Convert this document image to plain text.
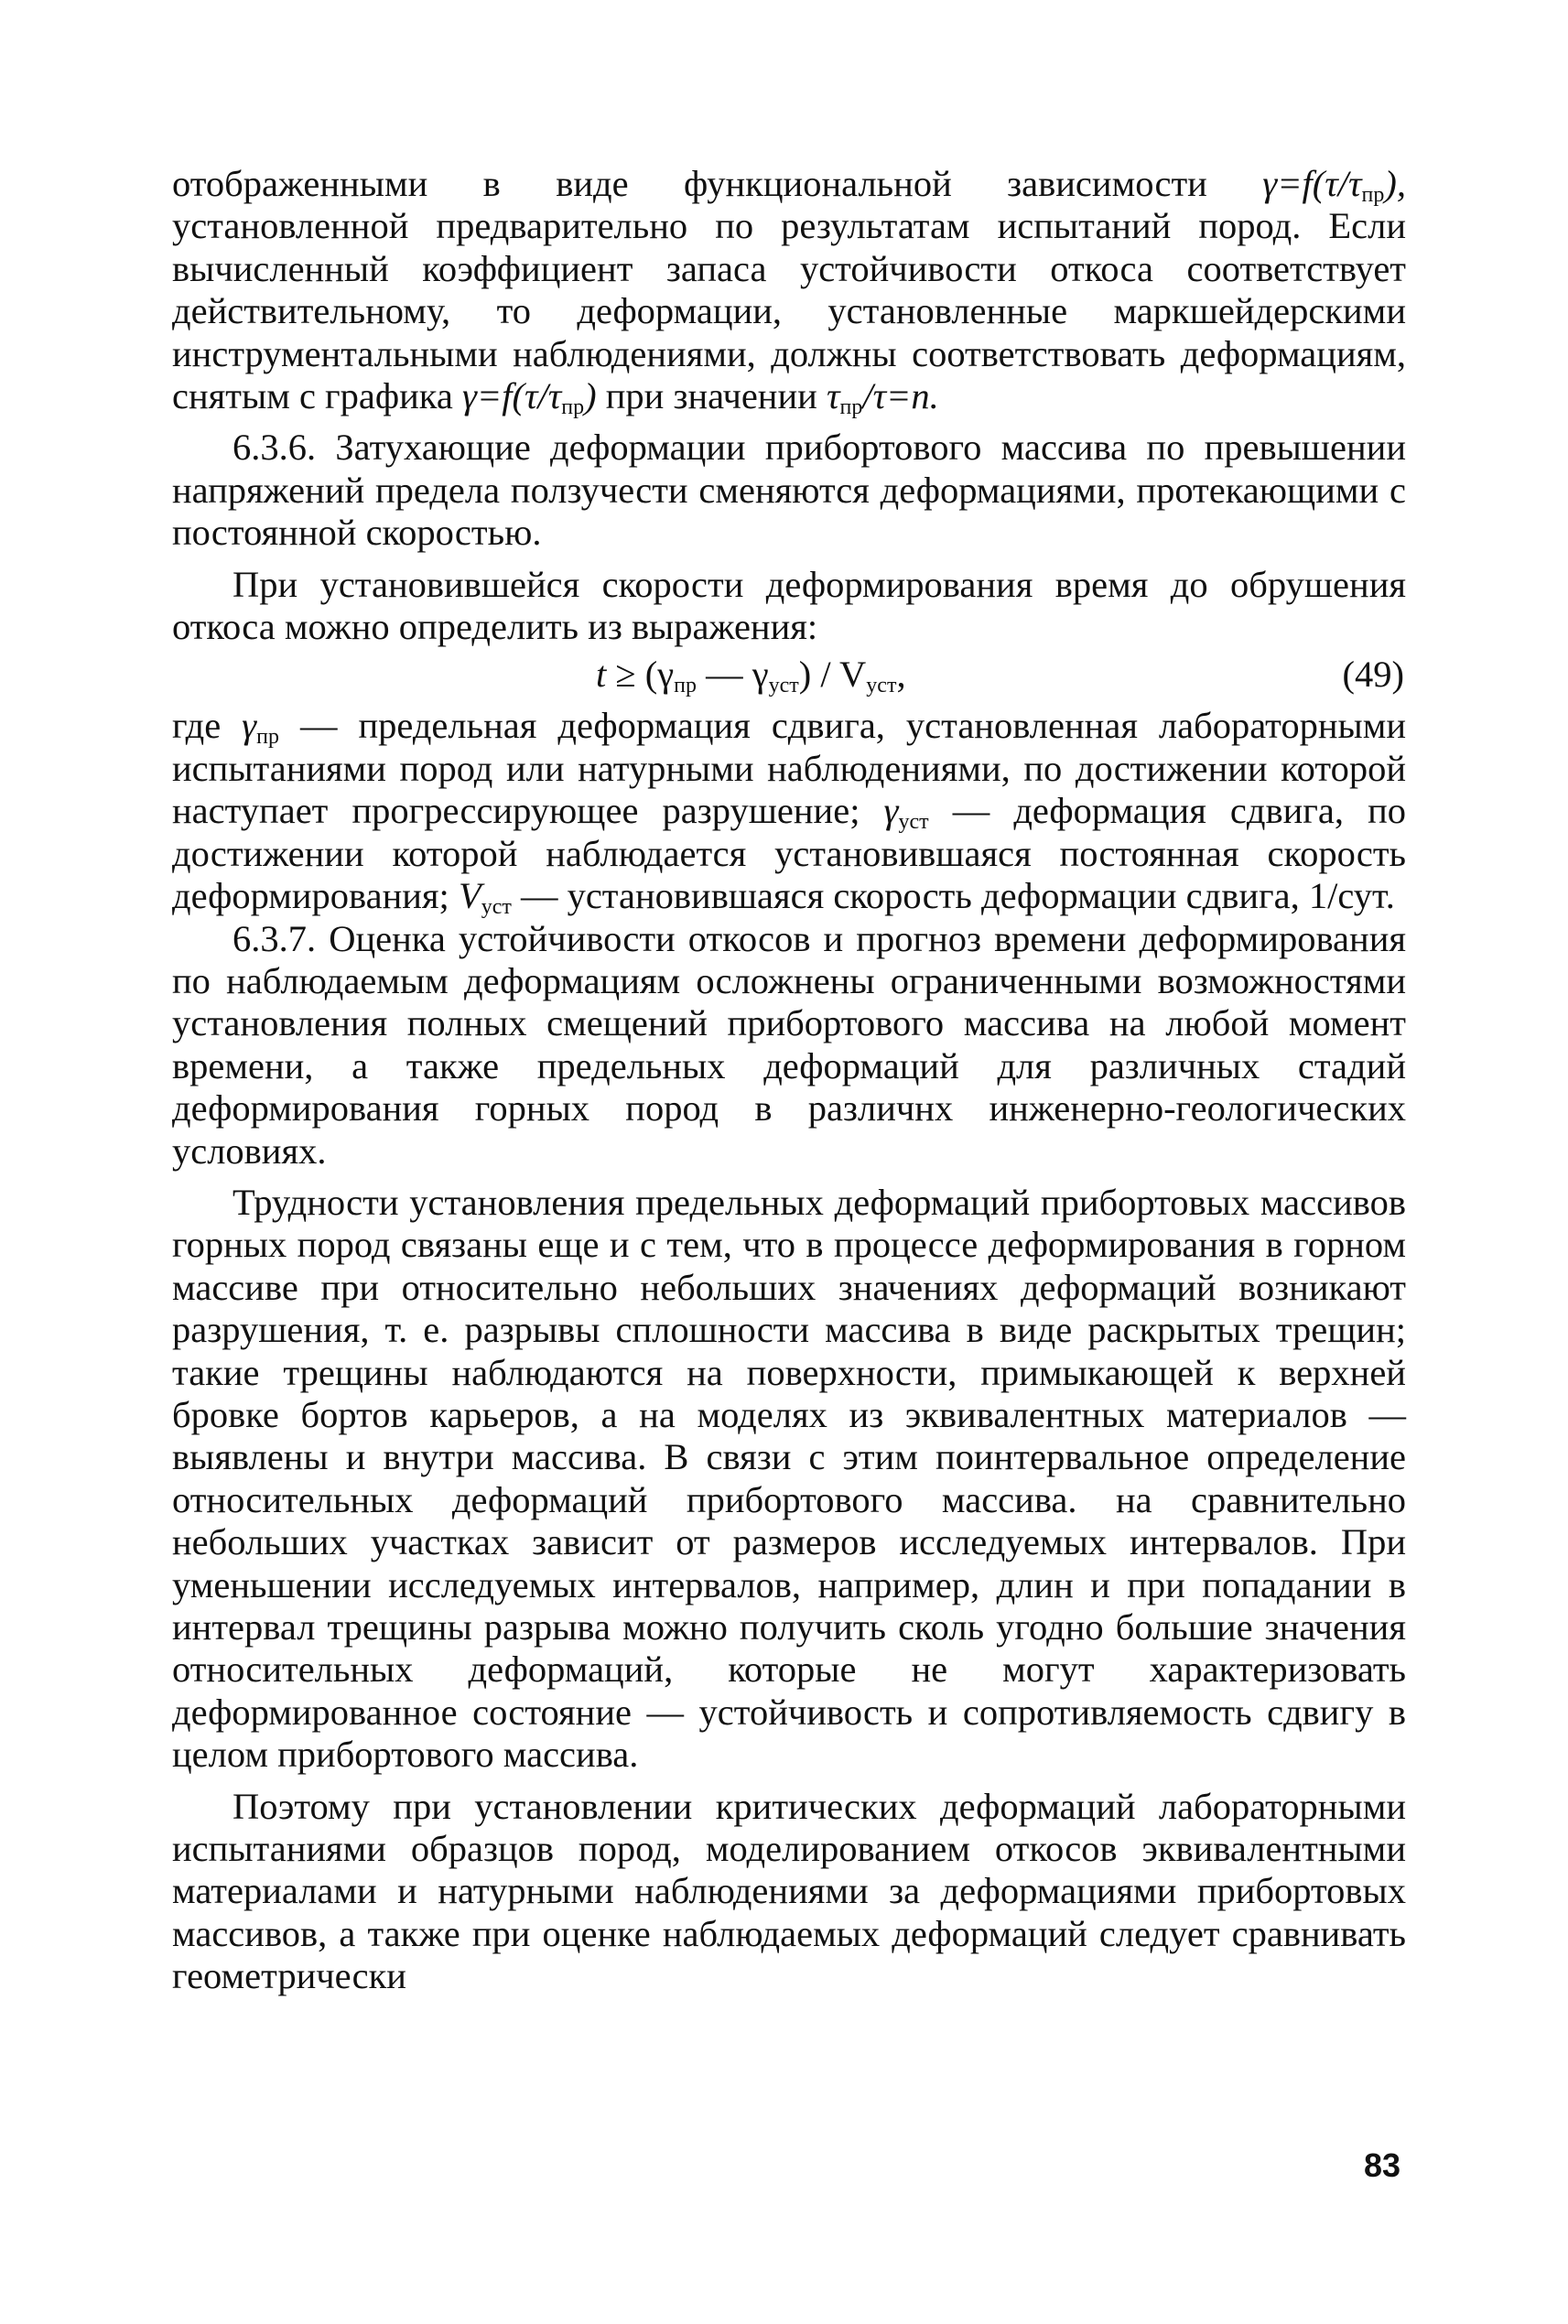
отображенными в виде функциональной зависимости $\gamma=f(\tau/\tau_{пр})$, установленной предварительно по результатам испытаний пород. Если вычисленный коэффициент запаса устойчивости откоса соответствует действительному, то деформации, установленные маркшейдерскими инструментальными наблюдениями, должны соответствовать деформациям, снятым с графика $\gamma=f(\tau/\tau_{пр})$ при значении $\tau_{пр}/\tau=n$.

6.3.6. Затухающие деформации прибортового массива по превышении напряжений предела ползучести сменяются деформациями, протекающими с постоянной скоростью.

При установившейся скорости деформирования время до обрушения откоса можно определить из выражения:

$t \ge (\gamma_{пр}$ — $\gamma_{уст}) / V_{уст}$,	(49)

где $\gamma_{пр}$ — предельная деформация сдвига, установленная лабораторными испытаниями пород или натурными наблюдениями, по достижении которой наступает прогрессирующее разрушение; $\gamma_{уст}$ — деформация сдвига, по достижении которой наблюдается установившаяся постоянная скорость деформирования; $V_{уст}$ — установившаяся скорость деформации сдвига, 1/сут.

6.3.7. Оценка устойчивости откосов и прогноз времени деформирования по наблюдаемым деформациям осложнены ограниченными возможностями установления полных смещений прибортового массива на любой момент времени, а также предельных деформаций для различных стадий деформирования горных пород в различнх инженерно-геологических условиях.

Трудности установления предельных деформаций прибортовых массивов горных пород связаны еще и с тем, что в процессе деформирования в горном массиве при относительно небольших значениях деформаций возникают разрушения, т. е. разрывы сплошности массива в виде раскрытых трещин; такие трещины наблюдаются на поверхности, примыкающей к верхней бровке бортов карьеров, а на моделях из эквивалентных материалов — выявлены и внутри массива. В связи с этим поинтервальное определение относительных деформаций прибортового массива. на сравнительно небольших участках зависит от размеров исследуемых интервалов. При уменьшении исследуемых интервалов, например, длин и при попадании в интервал трещины разрыва можно получить сколь угодно большие значения относительных деформаций, которые не могут характеризовать деформированное состояние — устойчивость и сопротивляемость сдвигу в целом прибортового массива.

Поэтому при установлении критических деформаций лабораторными испытаниями образцов пород, моделированием откосов эквивалентными материалами и натурными наблюдениями за деформациями прибортовых массивов, а также при оценке наблюдаемых деформаций следует сравнивать геометрически

83
